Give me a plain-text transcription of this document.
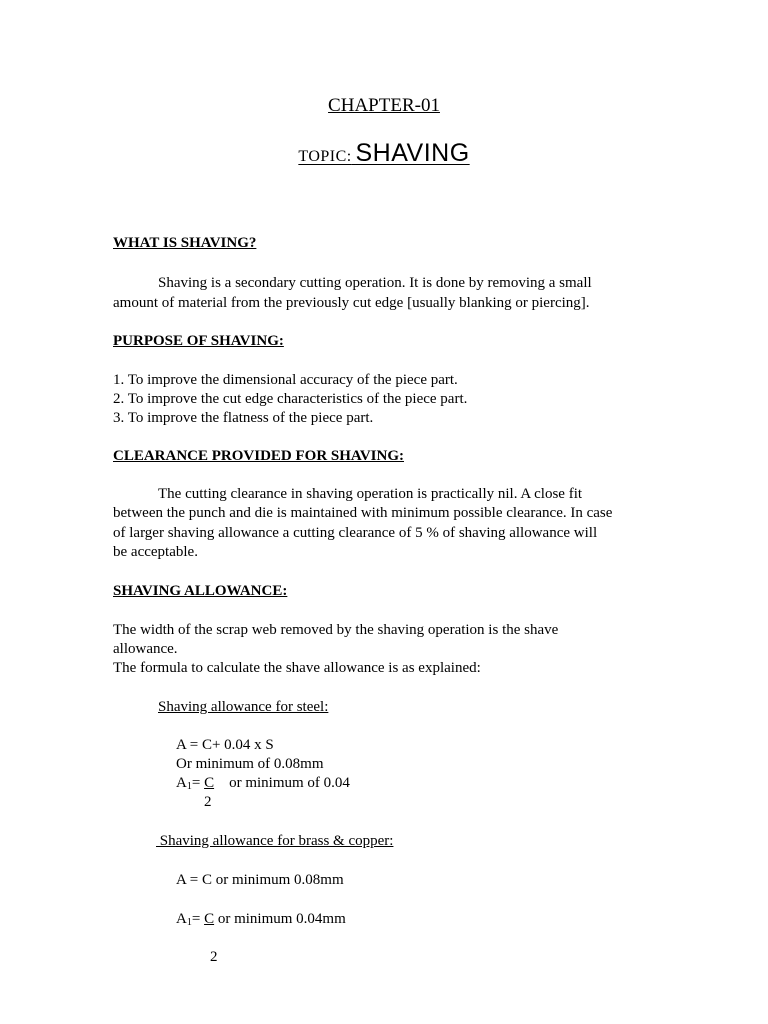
CHAPTER-01
TOPIC: SHAVING
WHAT IS SHAVING?
Shaving is a secondary cutting operation. It is done by removing a small
amount of material from the previously cut edge [usually blanking or piercing].
PURPOSE OF SHAVING:
1. To improve the dimensional accuracy of the piece part.
2. To improve the cut edge characteristics of the piece part.
3. To improve the flatness of the piece part.
CLEARANCE PROVIDED FOR SHAVING:
The cutting clearance in shaving operation is practically nil. A close fit
between the punch and die is maintained with minimum possible clearance. In case
of larger shaving allowance a cutting clearance of 5 % of shaving allowance will
be acceptable.
SHAVING ALLOWANCE:
The width of the scrap web removed by the shaving operation is the shave
allowance.
The formula to calculate the shave allowance is as explained:
Shaving allowance for steel:
A = C+ 0.04 x S
Or minimum of 0.08mm
$A_1= C$    or minimum of 0.04
2
Shaving allowance for brass & copper:
A = C or minimum 0.08mm
$A_1= C$ or minimum 0.04mm
2
